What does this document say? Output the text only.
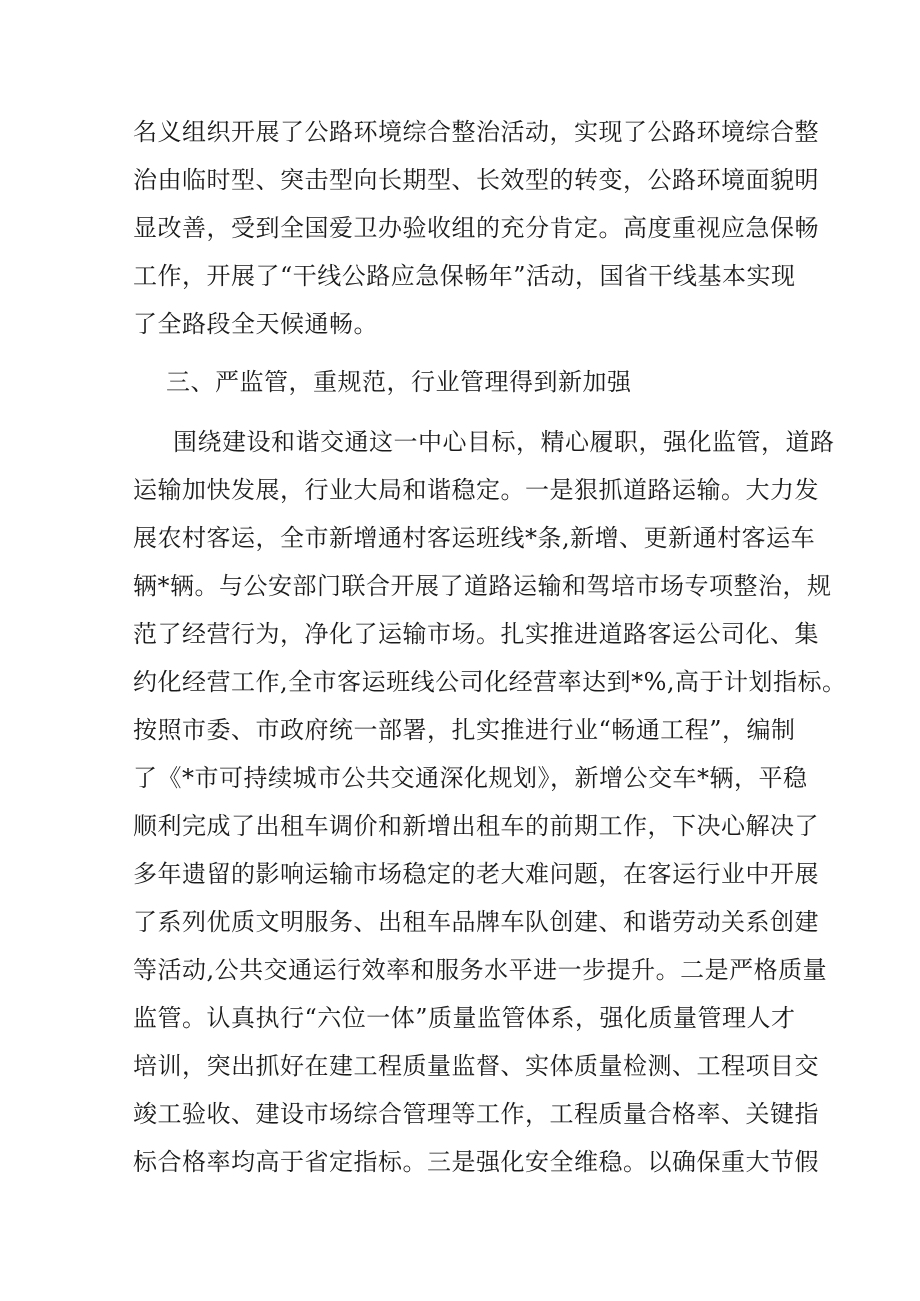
名义组织开展了公路环境综合整治活动，实现了公路环境综合整
治由临时型、突击型向长期型、长效型的转变，公路环境面貌明
显改善，受到全国爱卫办验收组的充分肯定。高度重视应急保畅
工作，开展了“干线公路应急保畅年”活动，国省干线基本实现
了全路段全天候通畅。
三、严监管，重规范，行业管理得到新加强
围绕建设和谐交通这一中心目标，精心履职，强化监管，道路
运输加快发展，行业大局和谐稳定。一是狠抓道路运输。大力发
展农村客运，全市新增通村客运班线*条,新增、更新通村客运车
辆*辆。与公安部门联合开展了道路运输和驾培市场专项整治，规
范了经营行为，净化了运输市场。扎实推进道路客运公司化、集
约化经营工作,全市客运班线公司化经营率达到*%,高于计划指标。
按照市委、市政府统一部署，扎实推进行业“畅通工程”，编制
了《*市可持续城市公共交通深化规划》，新增公交车*辆，平稳
顺利完成了出租车调价和新增出租车的前期工作，下决心解决了
多年遗留的影响运输市场稳定的老大难问题，在客运行业中开展
了系列优质文明服务、出租车品牌车队创建、和谐劳动关系创建
等活动,公共交通运行效率和服务水平进一步提升。二是严格质量
监管。认真执行“六位一体”质量监管体系，强化质量管理人才
培训，突出抓好在建工程质量监督、实体质量检测、工程项目交
竣工验收、建设市场综合管理等工作，工程质量合格率、关键指
标合格率均高于省定指标。三是强化安全维稳。以确保重大节假
